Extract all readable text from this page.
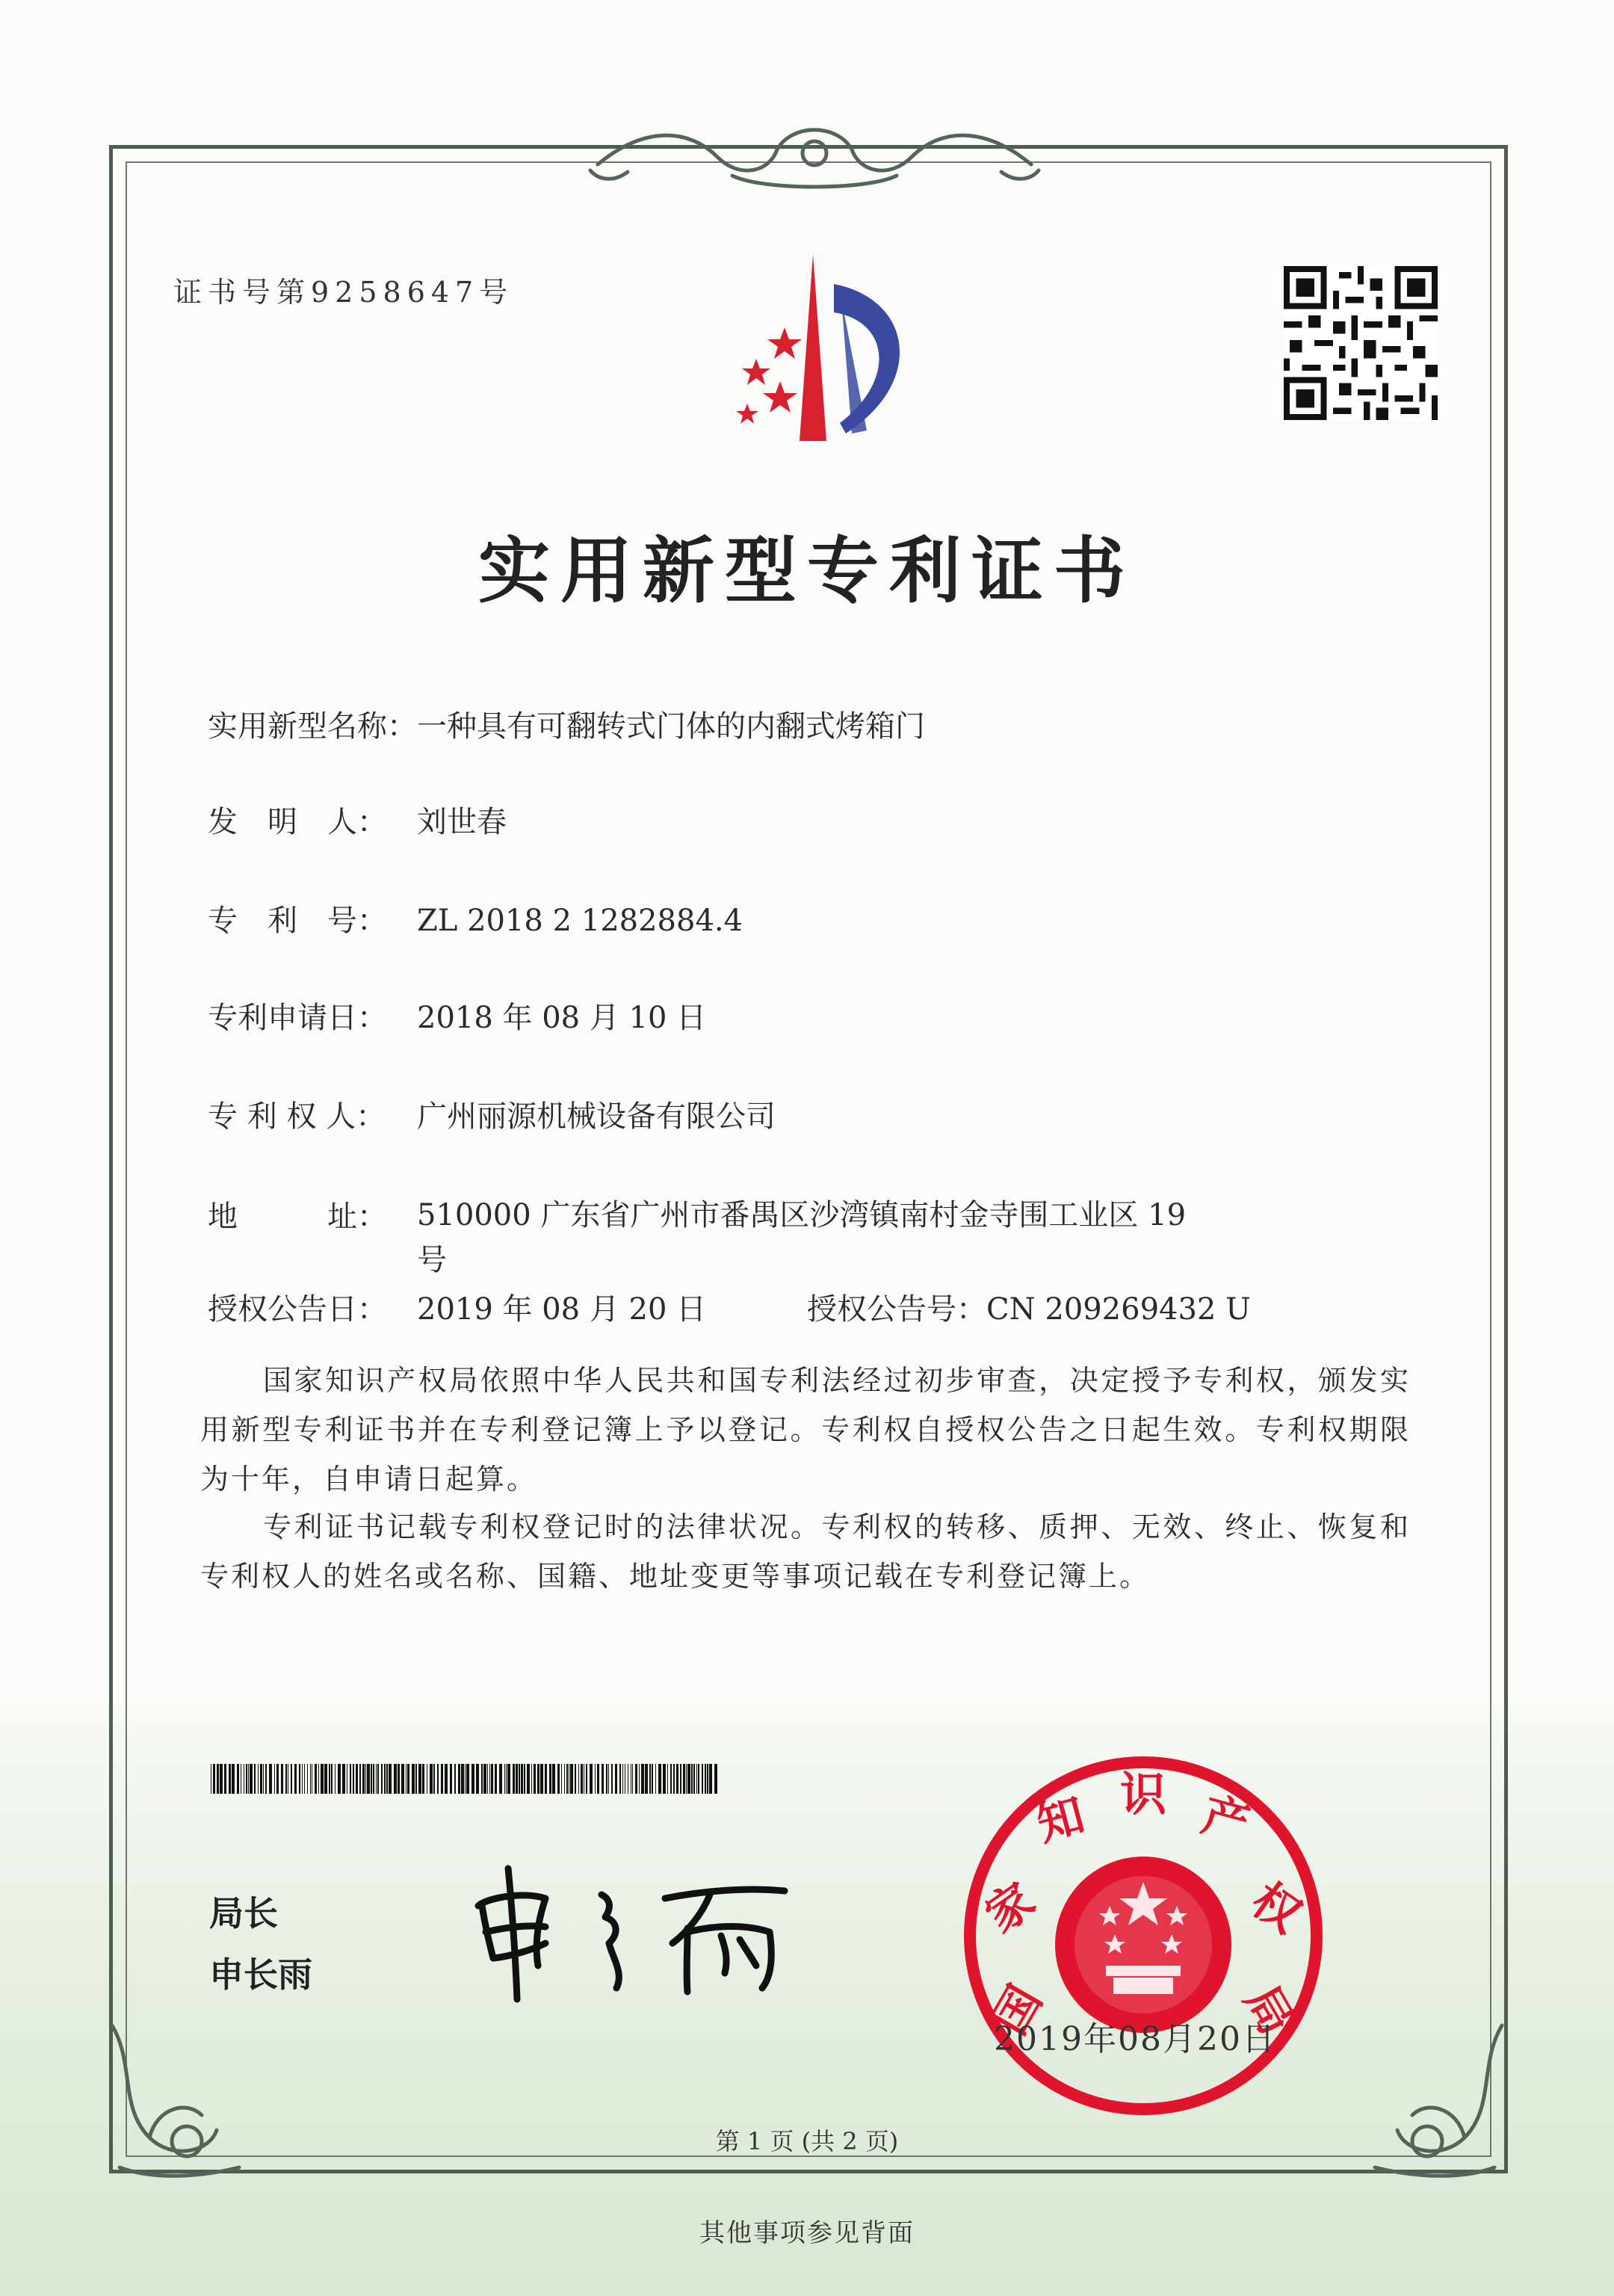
证书号第9258647号
实用新型专利证书
实用新型名称：一种具有可翻转式门体的内翻式烤箱门
发　明　人： 刘世春
专　利　号： ZL 2018 2 1282884.4
专利申请日： 2018 年 08 月 10 日
专 利 权 人： 广州丽源机械设备有限公司
地　　　址：	510000 广东省广州市番禺区沙湾镇南村金寺围工业区 19 号
授权公告日： 2019 年 08 月 20 日	授权公告号：CN 209269432 U
国家知识产权局依照中华人民共和国专利法经过初步审查，决定授予专利权，颁发实用新型专利证书并在专利登记簿上予以登记。专利权自授权公告之日起生效。专利权期限为十年，自申请日起算。
专利证书记载专利权登记时的法律状况。专利权的转移、质押、无效、终止、恢复和专利权人的姓名或名称、国籍、地址变更等事项记载在专利登记簿上。
局长
申长雨
国
家
知 识 产
权
局
2019年08月20日
第 1 页 (共 2 页)
其他事项参见背面
